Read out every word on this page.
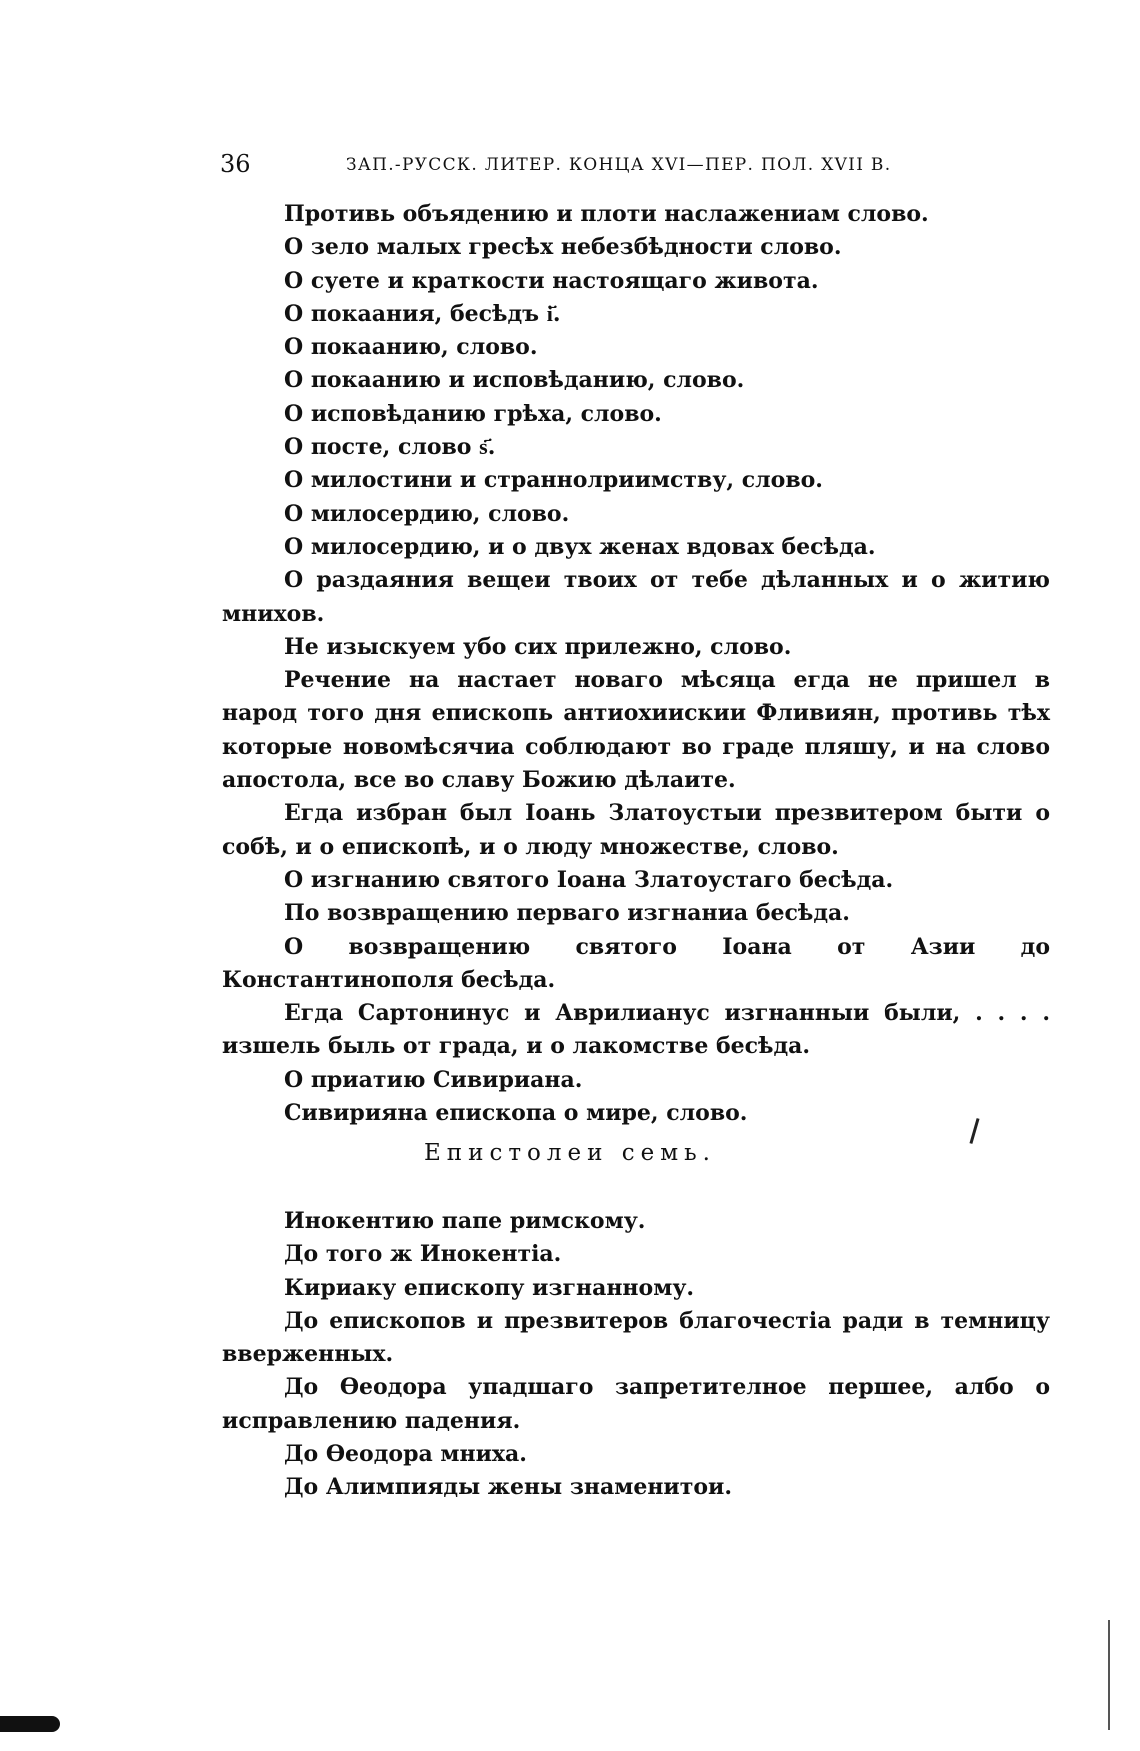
36	ЗАП.-РУССК. ЛИТЕР. КОНЦА XVI—ПЕР. ПОЛ. XVII В.

Противь объядению и плоти наслажениам слово.

О зело малых гресѣх небезбѣдности слово.

О суете и краткости настоящаго живота.

О покаания, бесѣдъ і҃.

О покаанию, слово.

О покаанию и исповѣданию, слово.

О исповѣданию грѣха, слово.

О посте, слово ѕ҃.

О милостини и страннолриимству, слово.

О милосердию, слово.

О милосердию, и о двух женах вдовах бесѣда.

О раздаяния вещеи твоих от тебе дѣланных и о житию мнихов.

Не изыскуем убо сих прилежно, слово.

Речение на настает новаго мѣсяца егда не пришел в народ того дня епископь антиохиискии Фливиян, противь тѣх которые новомѣсячиа соблюдают во граде пляшу, и на слово апостола, все во славу Божию дѣлаите.

Егда избран был Іоань Златоустыи презвитером быти о собѣ, и о епископѣ, и о люду множестве, слово.

О изгнанию святого Іоана Златоустаго бесѣда.

По возвращению перваго изгнаниа бесѣда.

О возвращению святого Іоана от Азии до Константинополя бесѣда.

Егда Сартонинус и Аврилианус изгнанныи были, . . . . изшель быль от града, и о лакомстве бесѣда.

О приатию Сивириана.

Сивирияна епископа о мире, слово.

Епистолеи семь.

Инокентию папе римскому.

До того ж Инокентіа.

Кириаку епископу изгнанному.

До епископов и презвитеров благочестіа ради в темницу вверженных.

До Өеодора упадшаго запретителное першее, албо о исправлению падения.

До Өеодора мниха.

До Алимпияды жены знаменитои.
